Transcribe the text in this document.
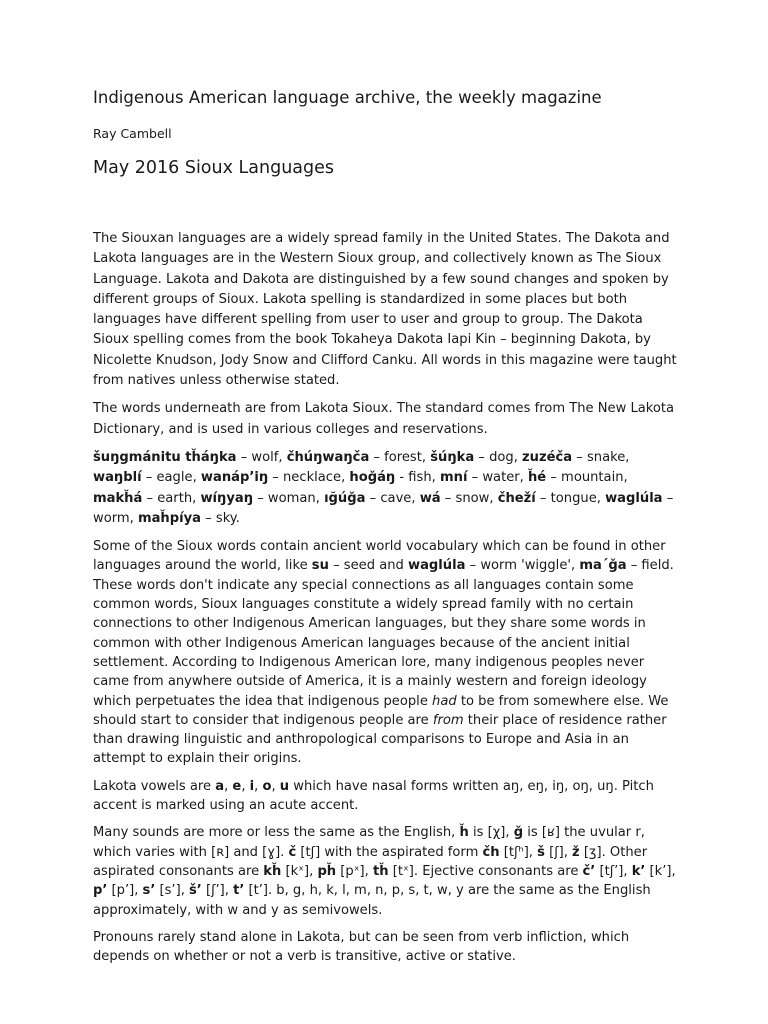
Indigenous American language archive, the weekly magazine
Ray Cambell
May 2016 Sioux Languages

The Siouxan languages are a widely spread family in the United States. The Dakota and Lakota languages are in the Western Sioux group, and collectively known as The Sioux Language. Lakota and Dakota are distinguished by a few sound changes and spoken by different groups of Sioux. Lakota spelling is standardized in some places but both languages have different spelling from user to user and group to group. The Dakota Sioux spelling comes from the book Tokaheya Dakota Iapi Kin – beginning Dakota, by Nicolette Knudson, Jody Snow and Clifford Canku. All words in this magazine were taught from natives unless otherwise stated.

The words underneath are from Lakota Sioux. The standard comes from The New Lakota Dictionary, and is used in various colleges and reservations.

šuŋgmánitu tȟáŋka – wolf, čhúŋwaŋča – forest, šúŋka – dog, zuzéča – snake, waŋblí – eagle, wanáp’iŋ – necklace, hoǧáŋ - fish, mní – water, ȟé – mountain, makȟá – earth, wíŋyaŋ – woman, ığúǧa – cave, wá – snow, čheží – tongue, waglúla – worm, maȟpíya – sky.

Some of the Sioux words contain ancient world vocabulary which can be found in other languages around the world, like su – seed and waglúla – worm 'wiggle', ma´ǧa – field. These words don't indicate any special connections as all languages contain some common words, Sioux languages constitute a widely spread family with no certain connections to other Indigenous American languages, but they share some words in common with other Indigenous American languages because of the ancient initial settlement. According to Indigenous American lore, many indigenous peoples never came from anywhere outside of America, it is a mainly western and foreign ideology which perpetuates the idea that indigenous people had to be from somewhere else. We should start to consider that indigenous people are from their place of residence rather than drawing linguistic and anthropological comparisons to Europe and Asia in an attempt to explain their origins.

Lakota vowels are a, e, i, o, u which have nasal forms written aŋ, eŋ, iŋ, oŋ, uŋ. Pitch accent is marked using an acute accent.

Many sounds are more or less the same as the English, ȟ is [χ], ǧ is [ʁ] the uvular r, which varies with [ʀ] and [ɣ]. č [tʃ] with the aspirated form čh [tʃʰ], š [ʃ], ž [ʒ]. Other aspirated consonants are kȟ [kˣ], pȟ [pˣ], tȟ [tˣ]. Ejective consonants are č’ [tʃ’], k’ [k’], p’ [p’], s’ [s’], š’ [ʃ’], t’ [t’]. b, g, h, k, l, m, n, p, s, t, w, y are the same as the English approximately, with w and y as semivowels.

Pronouns rarely stand alone in Lakota, but can be seen from verb infliction, which depends on whether or not a verb is transitive, active or stative.
